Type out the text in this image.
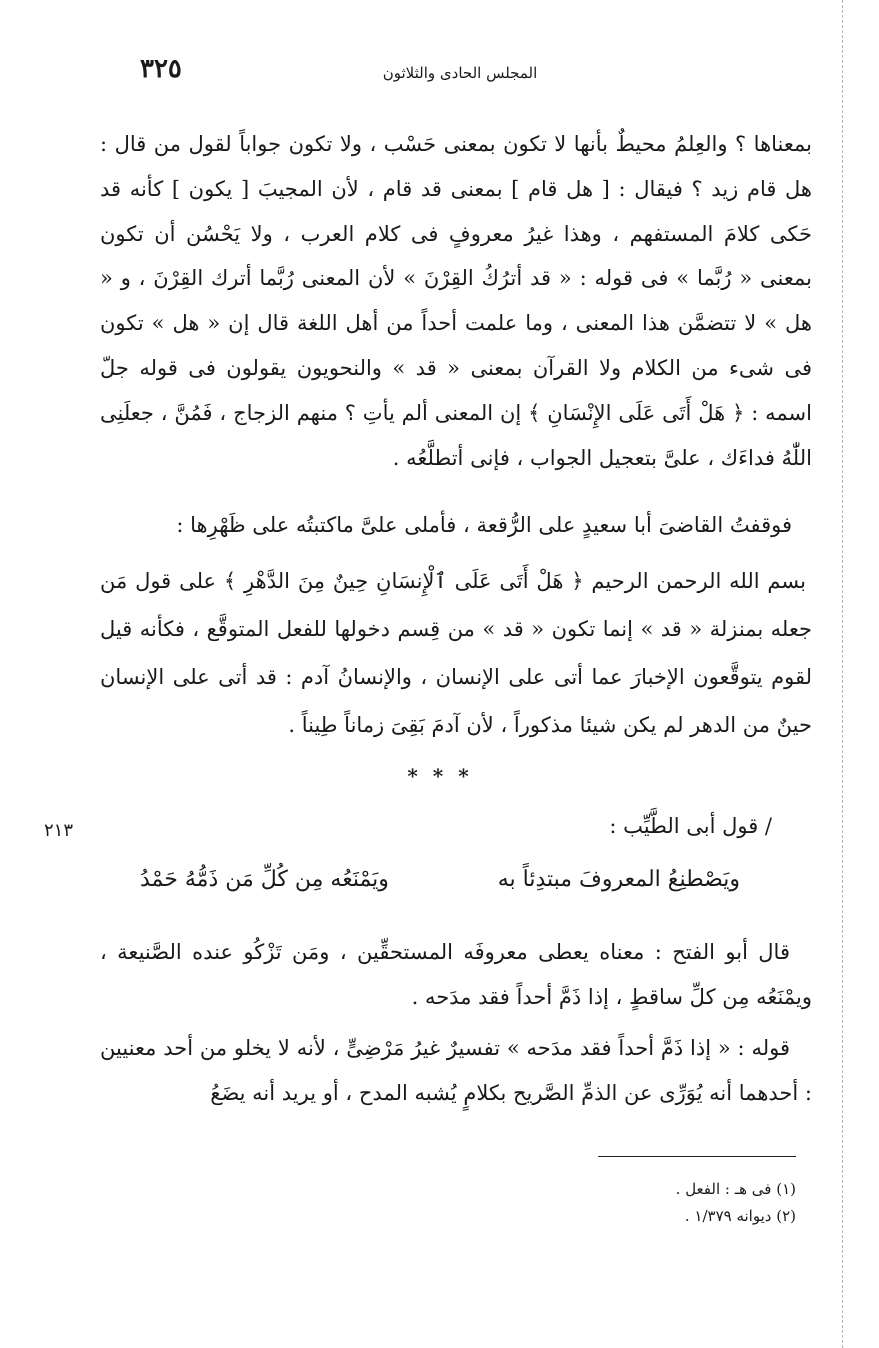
٣٢٥	المجلس الحادى والثلاثون

بمعناها ؟ والعِلمُ محيطٌ بأنها لا تكون بمعنى حَسْب ، ولا تكون جواباً لقول من قال : هل قام زيد ؟ فيقال : [ هل قام ] بمعنى قد قام ، لأن المجيبَ [ يكون ] كأنه قد حَكى كلامَ المستفهم ، وهذا غيرُ معروفٍ فى كلام العرب ، ولا يَحْسُن أن تكون بمعنى « رُبَّما » فى قوله : « قد أترُكُ القِرْنَ » لأن المعنى رُبَّما أترك القِرْنَ ، و « هل » لا تتضمَّن هذا المعنى ، وما علمت أحداً من أهل اللغة قال إن « هل » تكون فى شىء من الكلام ولا القرآن بمعنى « قد » والنحويون يقولون فى قوله جلّ اسمه : ﴿ هَلْ أَتَى عَلَى الإِنْسَانِ ﴾ إن المعنى ألم يأتِ ؟ منهم الزجاج ، فَمُنَّ ، جعلَنِى اللّٰهُ فداءَك ، علىَّ بتعجيل الجواب ، فإنى أتطلَّعُه .

فوقفتُ القاضىَ أبا سعيدٍ على الرُّقعة ، فأملى علىَّ ماكتبتُه على ظَهْرِها :

بسم الله الرحمن الرحيم ﴿ هَلْ أَتَى عَلَى ٱلْإِنسَانِ حِينٌ مِنَ الدَّهْرِ ﴾ على قول مَن جعله بمنزلة « قد » إنما تكون « قد » من قِسم دخولها للفعل المتوقَّع ، فكأنه قيل لقوم يتوقَّعون الإخبارَ عما أتى على الإنسان ، والإنسانُ آدم : قد أتى على الإنسان حينٌ من الدهر لم يكن شيئا مذكوراً ، لأن آدمَ بَقِىَ زماناً طِيناً .

* * *
٢١٣	/ قول أبى الطَّيِّب :
ويَصْطنِعُ المعروفَ مبتدِئاً به
ويَمْنَعُه مِن كُلِّ مَن ذَمُّهُ حَمْدُ

قال أبو الفتح : معناه يعطى معروفَه المستحقِّين ، ومَن تَزْكُو عنده الصَّنيعة ، ويمْنَعُه مِن كلِّ ساقطٍ ، إذا ذَمَّ أحداً فقد مدَحه .

قوله : « إذا ذَمَّ أحداً فقد مدَحه » تفسيرٌ غيرُ مَرْضِىٍّ ، لأنه لا يخلو من أحد معنيين : أحدهما أنه يُوَرِّى عن الذمِّ الصَّريح بكلامٍ يُشبه المدح ، أو يريد أنه يضَعُ

(١) فى هـ : الفعل .
(٢) ديوانه ١/٣٧٩ .
